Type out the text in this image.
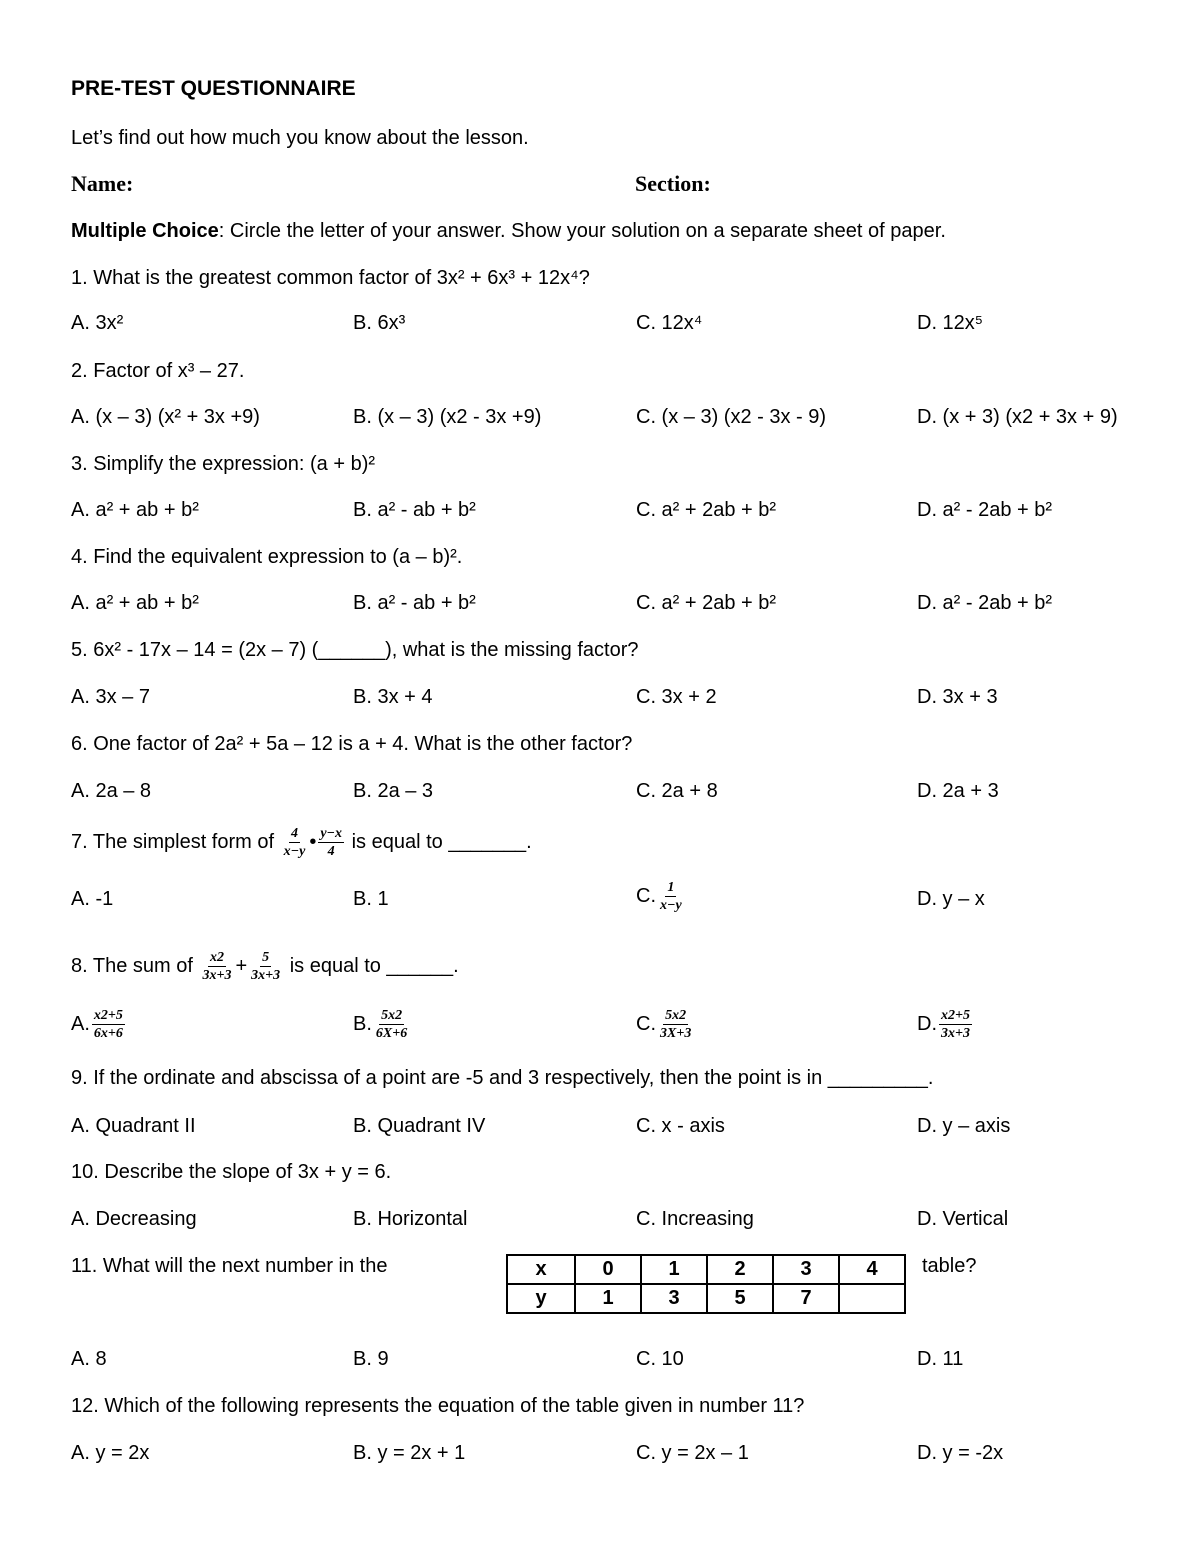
PRE-TEST QUESTIONNAIRE
Let’s find out how much you know about the lesson.
Name:	Section:
Multiple Choice: Circle the letter of your answer. Show your solution on a separate sheet of paper.
1. What is the greatest common factor of 3x² + 6x³ + 12x⁴?
A. 3x²	B. 6x³	C. 12x⁴	D. 12x⁵
2. Factor of x³ – 27.
A. (x – 3) (x² + 3x +9)	B. (x – 3) (x2 - 3x +9)	C. (x – 3) (x2 - 3x - 9)	D. (x + 3) (x2 + 3x + 9)
3. Simplify the expression: (a + b)²
A. a² + ab + b²	B. a² - ab + b²	C. a² + 2ab + b²	D. a² - 2ab + b²
4. Find the equivalent expression to (a – b)².
A. a² + ab + b²	B. a² - ab + b²	C. a² + 2ab + b²	D. a² - 2ab + b²
5. 6x² - 17x – 14 = (2x – 7) (______), what is the missing factor?
A. 3x – 7	B. 3x + 4	C. 3x + 2	D. 3x + 3
6. One factor of 2a² + 5a – 12 is a + 4. What is the other factor?
A. 2a – 8	B. 2a – 3	C. 2a + 8	D. 2a + 3
7. The simplest form of $\frac{4}{x-y}$ • $\frac{y-x}{4}$ is equal to _______.
A. -1	B. 1	C. $\frac{1}{x-y}$	D. y – x
8. The sum of $\frac{x2}{3x+3} + \frac{5}{3x+3}$ is equal to ______.
A. $\frac{x2+5}{6x+6}$	B. $\frac{5x2}{6X+6}$	C. $\frac{5x2}{3X+3}$	D. $\frac{x2+5}{3x+3}$
9. If the ordinate and abscissa of a point are -5 and 3 respectively, then the point is in _________.
A. Quadrant II	B. Quadrant IV	C. x - axis	D. y – axis
10. Describe the slope of 3x + y = 6.
A. Decreasing	B. Horizontal	C. Increasing	D. Vertical
11. What will the next number in the	x	0	1	2	3	4
y	1	3	5	7	
table?
A. 8	B. 9	C. 10	D. 11
12. Which of the following represents the equation of the table given in number 11?
A. y = 2x	B. y = 2x + 1	C. y = 2x – 1	D. y = -2x
